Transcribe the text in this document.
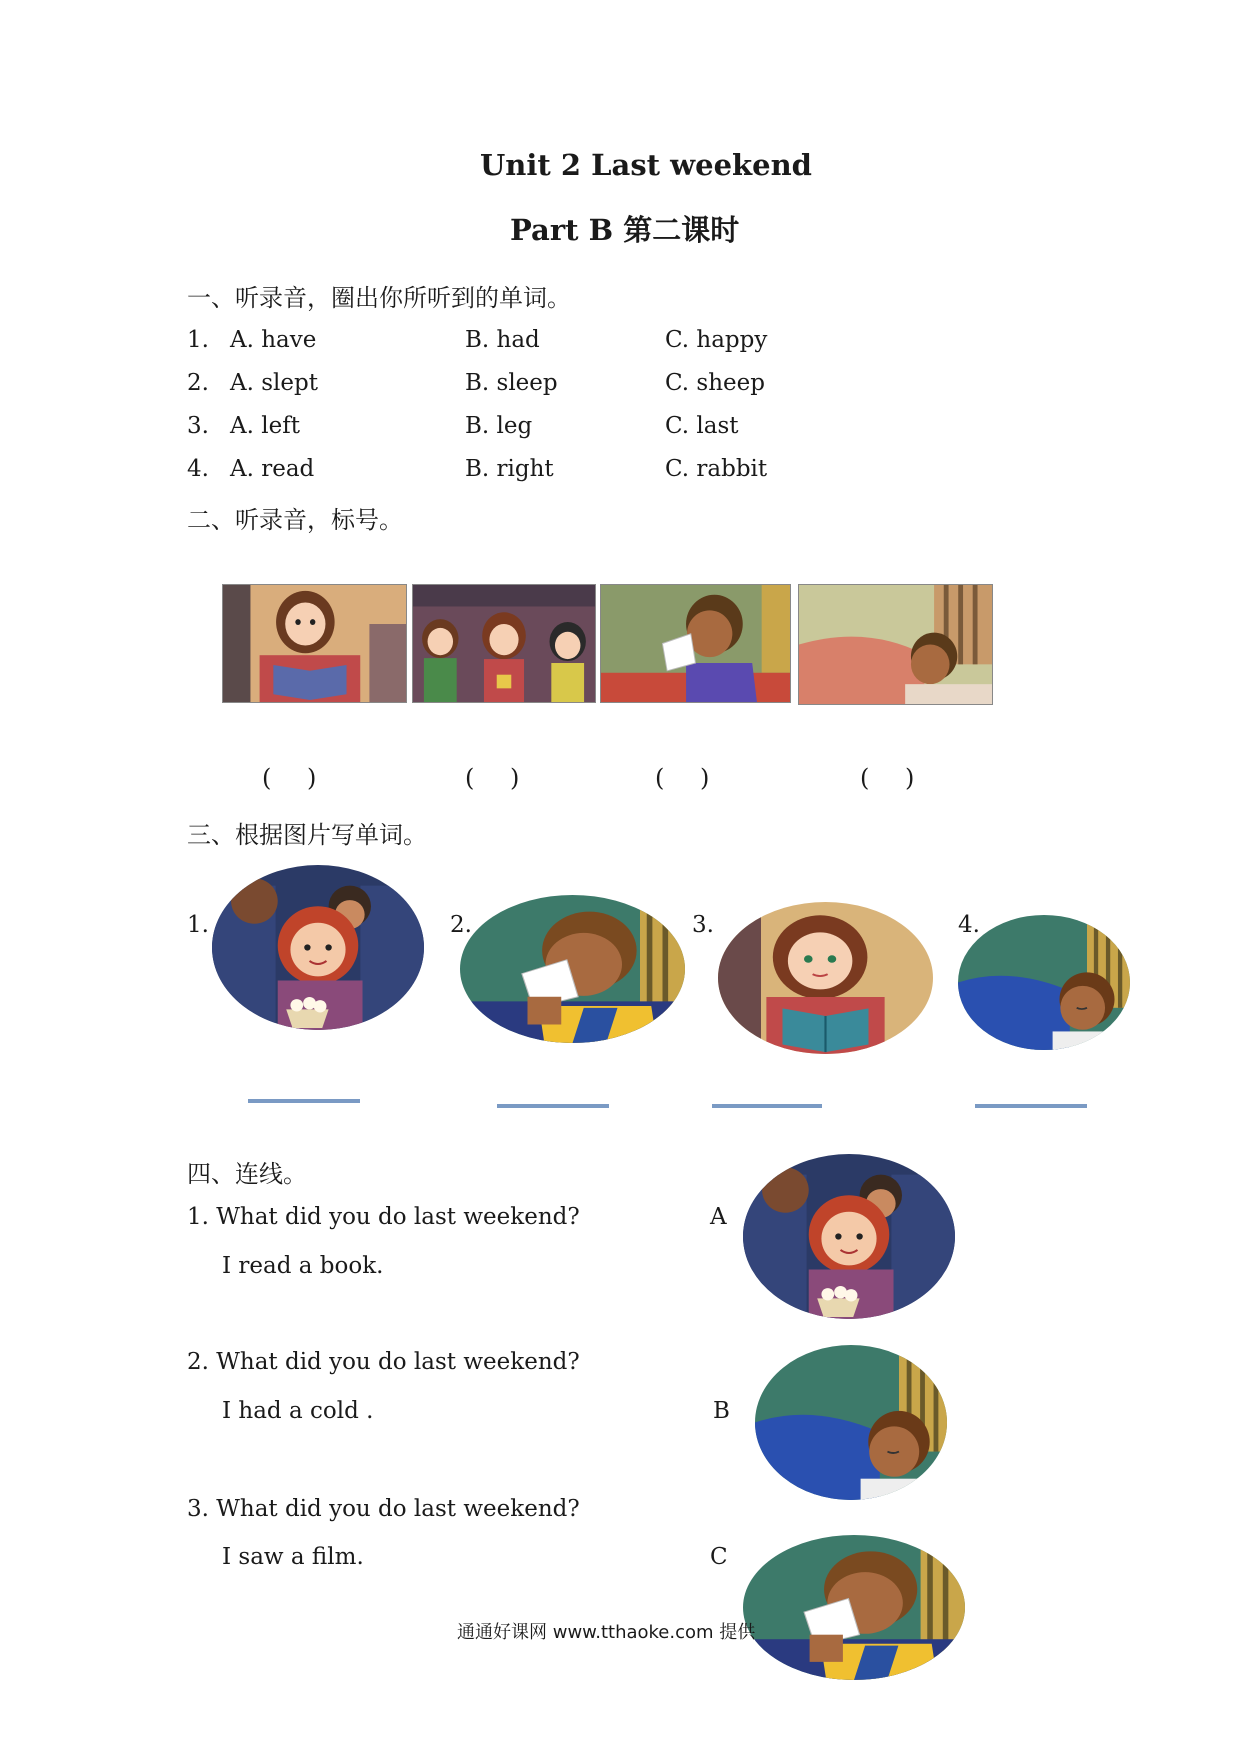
Unit 2 Last weekend
Part B 第二课时
一、听录音，圈出你所听到的单词。
1. A. have	B. had	C. happy
2. A. slept	B. sleep	C. sheep
3. A. left	B. leg	C. last
4. A. read	B. right	C. rabbit
二、听录音，标号。
( )	( )	( )	( )
三、根据图片写单词。
1.	2.	3.	4.
四、连线。
1. What did you do last weekend?
I read a book.
2. What did you do last weekend?
I had a cold .
3. What did you do last weekend?
I saw a film.
A
B
C
通通好课网 www.tthaoke.com 提供
